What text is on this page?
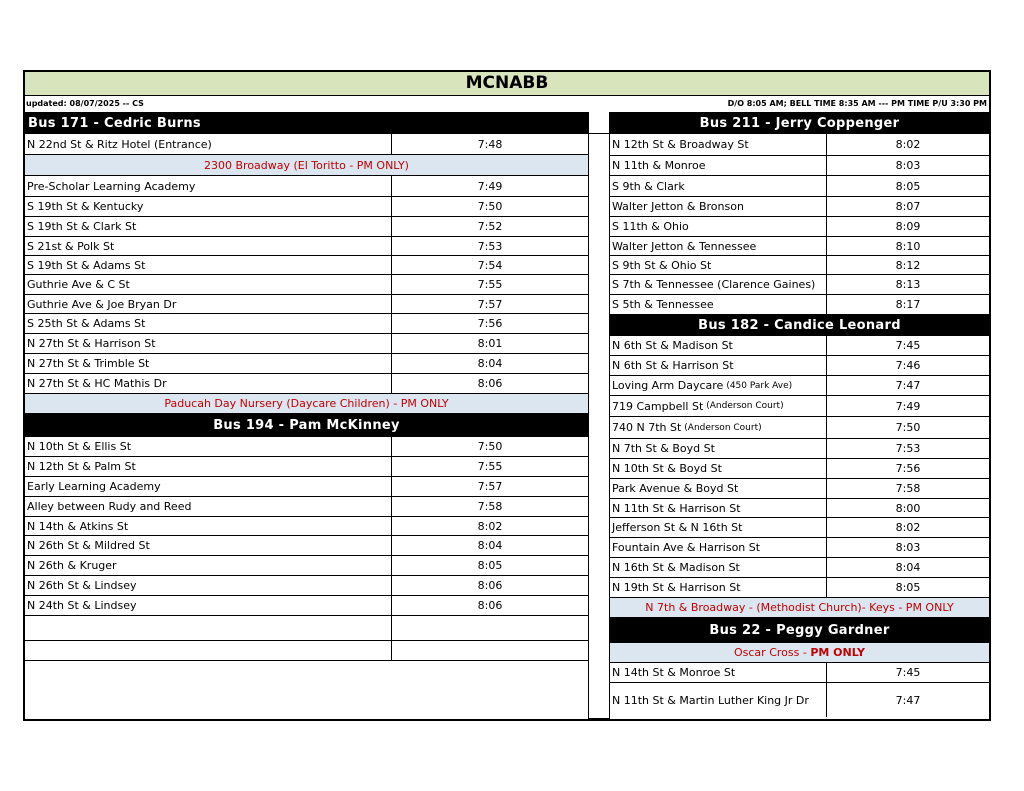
MCNABB
updated: 08/07/2025 -- CS	D/O 8:05 AM; BELL TIME 8:35 AM --- PM TIME P/U 3:30 PM
Bus 171 - Cedric Burns
N 22nd St & Ritz Hotel (Entrance)	7:48
2300 Broadway (El Toritto - PM ONLY)
Pre-Scholar Learning Academy	7:49
S 19th St & Kentucky	7:50
S 19th St & Clark St	7:52
S 21st & Polk St	7:53
S 19th St & Adams St	7:54
Guthrie Ave & C St	7:55
Guthrie Ave & Joe Bryan Dr	7:57
S 25th St & Adams St	7:56
N 27th St & Harrison St	8:01
N 27th St & Trimble St	8:04
N 27th St & HC Mathis Dr	8:06
Paducah Day Nursery (Daycare Children) - PM ONLY
Bus 194 - Pam McKinney
N 10th St & Ellis St	7:50
N 12th St & Palm St	7:55
Early Learning Academy	7:57
Alley between Rudy and Reed	7:58
N 14th & Atkins St	8:02
N 26th St & Mildred St	8:04
N 26th & Kruger	8:05
N 26th St & Lindsey	8:06
N 24th St & Lindsey	8:06
Bus 211 - Jerry Coppenger
N 12th St & Broadway St	8:02
N 11th & Monroe	8:03
S 9th & Clark	8:05
Walter Jetton & Bronson	8:07
S 11th & Ohio	8:09
Walter Jetton & Tennessee	8:10
S 9th St & Ohio St	8:12
S 7th & Tennessee (Clarence Gaines)	8:13
S 5th & Tennessee	8:17
Bus 182 - Candice Leonard
N 6th St & Madison St	7:45
N 6th St & Harrison St	7:46
Loving Arm Daycare (450 Park Ave)	7:47
719 Campbell St (Anderson Court)	7:49
740 N 7th St (Anderson Court)	7:50
N 7th St & Boyd St	7:53
N 10th St & Boyd St	7:56
Park Avenue & Boyd St	7:58
N 11th St & Harrison St	8:00
Jefferson St & N 16th St	8:02
Fountain Ave & Harrison St	8:03
N 16th St & Madison St	8:04
N 19th St & Harrison St	8:05
N 7th & Broadway - (Methodist Church)- Keys - PM ONLY
Bus 22 - Peggy Gardner
Oscar Cross -
PM ONLY
N 14th St & Monroe St	7:45
N 11th St & Martin Luther King Jr Dr	7:47
